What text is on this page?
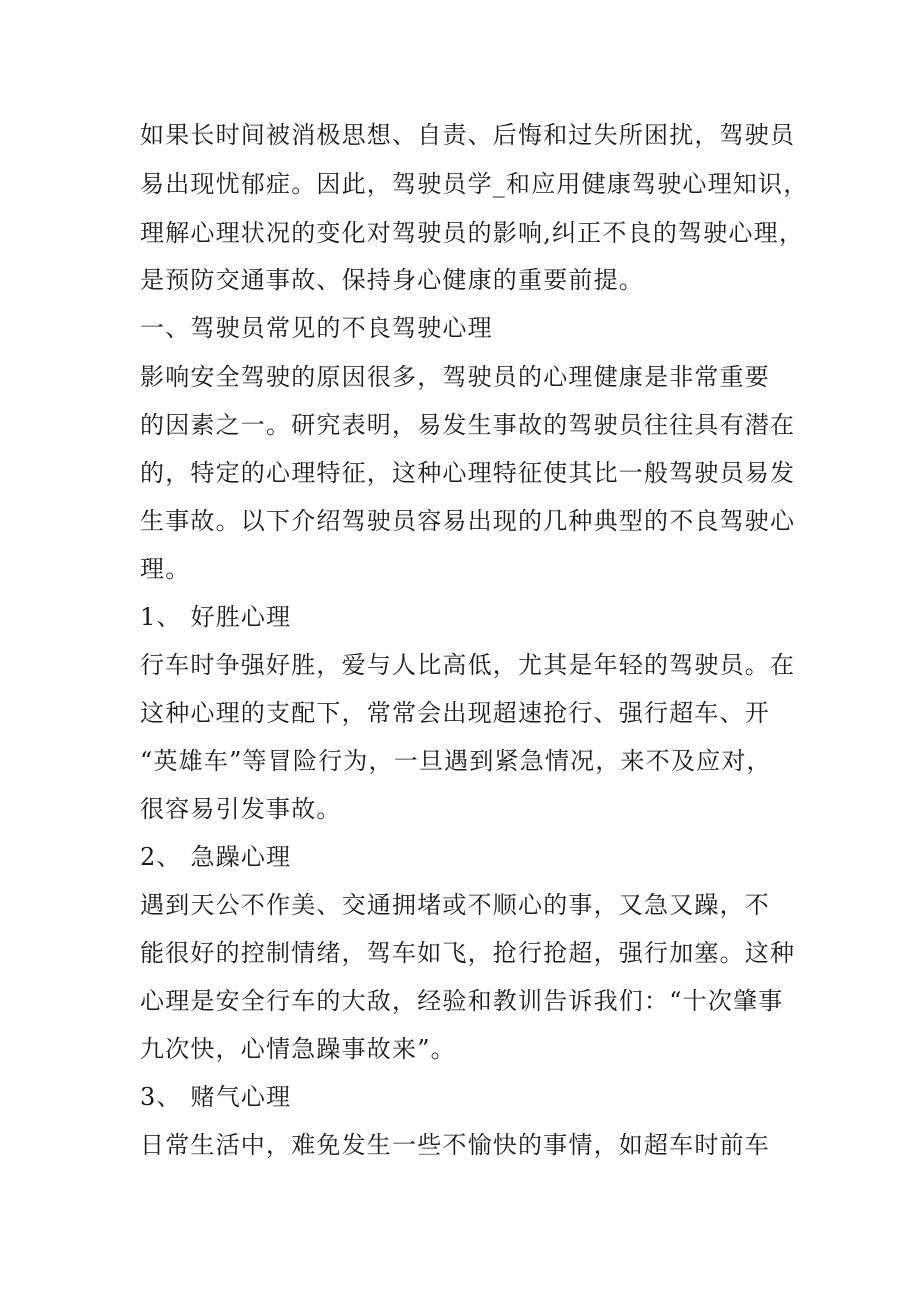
如果长时间被消极思想、自责、后悔和过失所困扰，驾驶员
易出现忧郁症。因此，驾驶员学_和应用健康驾驶心理知识，
理解心理状况的变化对驾驶员的影响,纠正不良的驾驶心理，
是预防交通事故、保持身心健康的重要前提。
一、驾驶员常见的不良驾驶心理
影响安全驾驶的原因很多，驾驶员的心理健康是非常重要
的因素之一。研究表明，易发生事故的驾驶员往往具有潜在
的，特定的心理特征，这种心理特征使其比一般驾驶员易发
生事故。以下介绍驾驶员容易出现的几种典型的不良驾驶心
理。
1、 好胜心理
行车时争强好胜，爱与人比高低，尤其是年轻的驾驶员。在
这种心理的支配下，常常会出现超速抢行、强行超车、开
“英雄车”等冒险行为，一旦遇到紧急情况，来不及应对，
很容易引发事故。
2、 急躁心理
遇到天公不作美、交通拥堵或不顺心的事，又急又躁，不
能很好的控制情绪，驾车如飞，抢行抢超，强行加塞。这种
心理是安全行车的大敌，经验和教训告诉我们：“十次肇事
九次快，心情急躁事故来”。
3、 赌气心理
日常生活中，难免发生一些不愉快的事情，如超车时前车
